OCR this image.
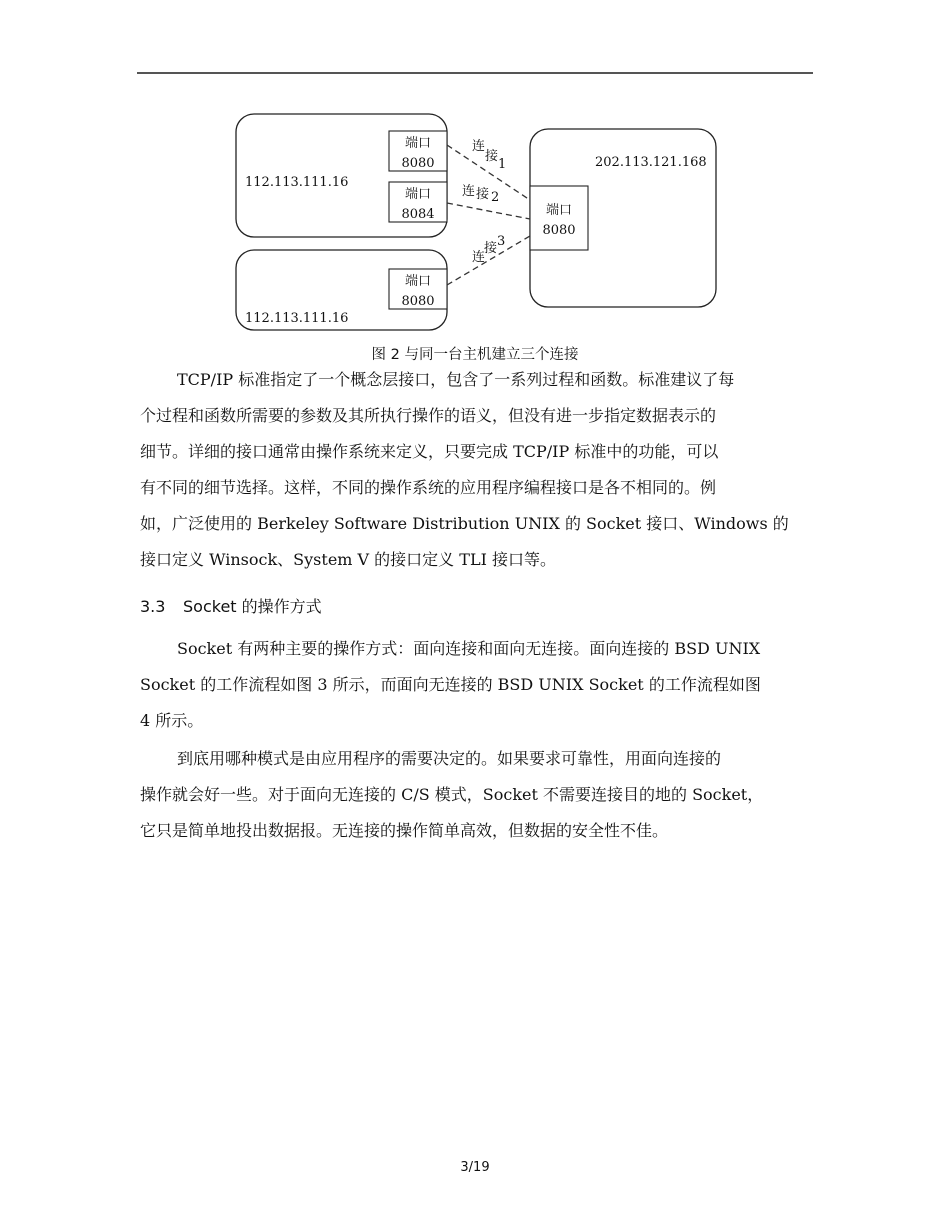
112.113.111.16
112.113.111.16
202.113.121.168
端口
8080
端口
8084
端口
8080
端口
8080
连
接
1
连 接 2
连
接 3
图 2 与同一台主机建立三个连接
TCP/IP 标准指定了一个概念层接口，包含了一系列过程和函数。标准建议了每
个过程和函数所需要的参数及其所执行操作的语义，但没有进一步指定数据表示的
细节。详细的接口通常由操作系统来定义，只要完成 TCP/IP 标准中的功能，可以
有不同的细节选择。这样，不同的操作系统的应用程序编程接口是各不相同的。例
如，广泛使用的 Berkeley Software Distribution UNIX 的 Socket 接口、Windows 的
接口定义 Winsock、System V 的接口定义 TLI 接口等。
3.3 Socket 的操作方式
Socket 有两种主要的操作方式：面向连接和面向无连接。面向连接的 BSD UNIX
Socket 的工作流程如图 3 所示，而面向无连接的 BSD UNIX Socket 的工作流程如图
4 所示。
到底用哪种模式是由应用程序的需要决定的。如果要求可靠性，用面向连接的
操作就会好一些。对于面向无连接的 C/S 模式，Socket 不需要连接目的地的 Socket，
它只是简单地投出数据报。无连接的操作简单高效，但数据的安全性不佳。
3/19
